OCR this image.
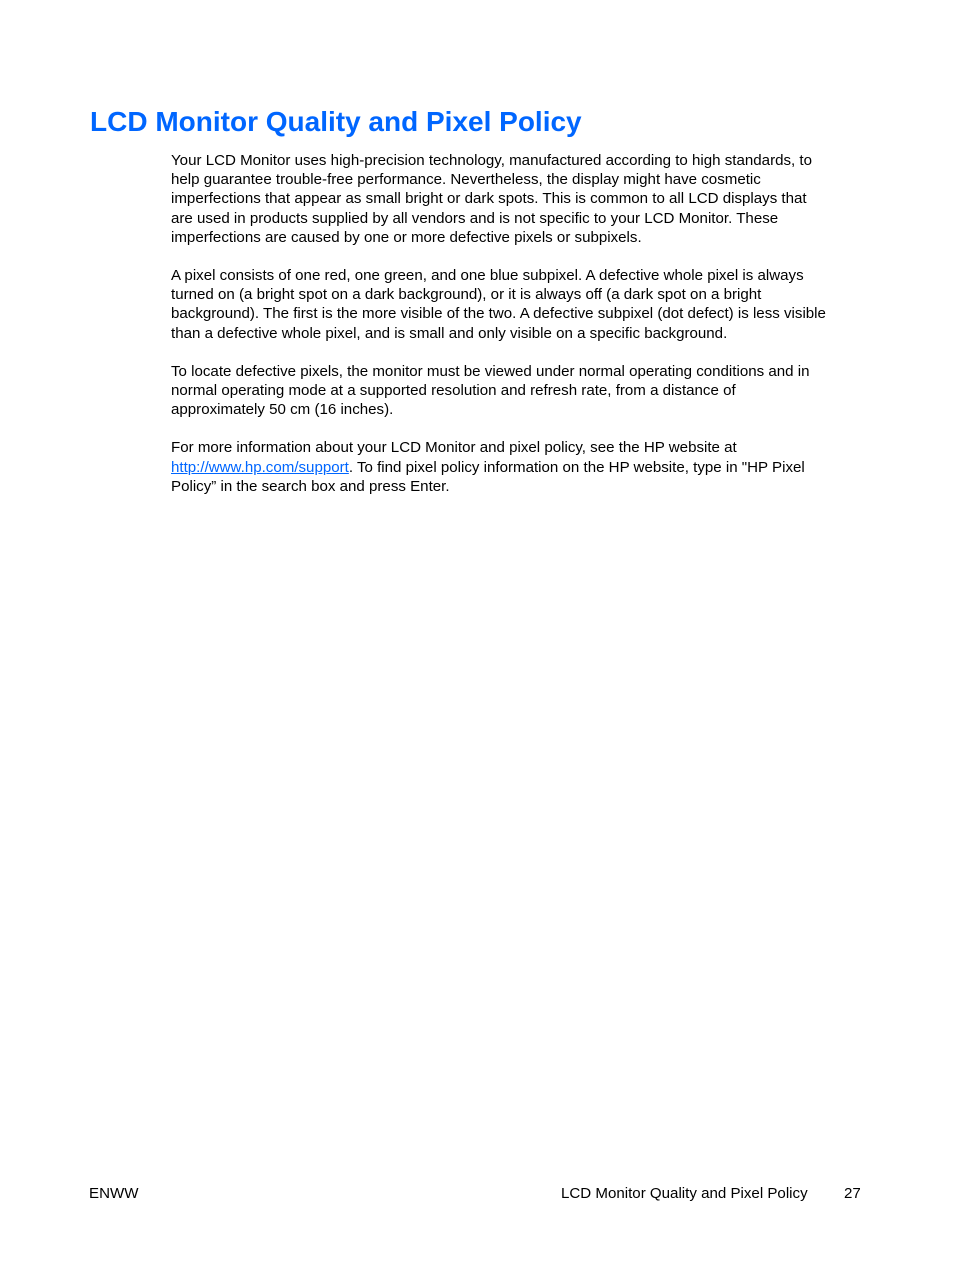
LCD Monitor Quality and Pixel Policy

Your LCD Monitor uses high-precision technology, manufactured according to high standards, to
help guarantee trouble-free performance. Nevertheless, the display might have cosmetic
imperfections that appear as small bright or dark spots. This is common to all LCD displays that
are used in products supplied by all vendors and is not specific to your LCD Monitor. These
imperfections are caused by one or more defective pixels or subpixels.

A pixel consists of one red, one green, and one blue subpixel. A defective whole pixel is always
turned on (a bright spot on a dark background), or it is always off (a dark spot on a bright
background). The first is the more visible of the two. A defective subpixel (dot defect) is less visible
than a defective whole pixel, and is small and only visible on a specific background.

To locate defective pixels, the monitor must be viewed under normal operating conditions and in
normal operating mode at a supported resolution and refresh rate, from a distance of
approximately 50 cm (16 inches).

For more information about your LCD Monitor and pixel policy, see the HP website at
http://www.hp.com/support. To find pixel policy information on the HP website, type in "HP Pixel
Policy” in the search box and press Enter.

ENWW	LCD Monitor Quality and Pixel Policy 27
